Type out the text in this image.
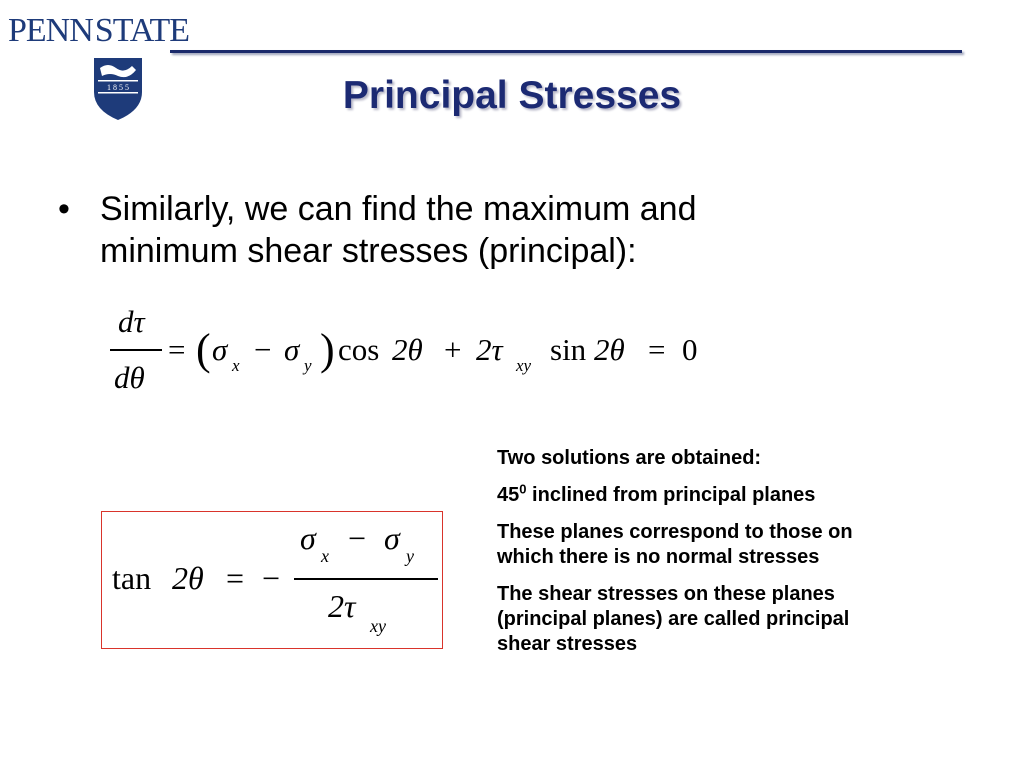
PENNSTATE
1 8 5 5	Principal Stresses
• Similarly, we can find the maximum and
minimum shear stresses (principal):
dτ
dθ
= ( σ x − σ y ) cos 2θ + 2τ xy sin 2θ = 0
tan 2θ = −
σ x − σ y
2τ
xy

Two solutions are obtained:

$45^0$ inclined from principal planes

These planes correspond to those on
which there is no normal stresses

The shear stresses on these planes
(principal planes) are called principal
shear stresses
